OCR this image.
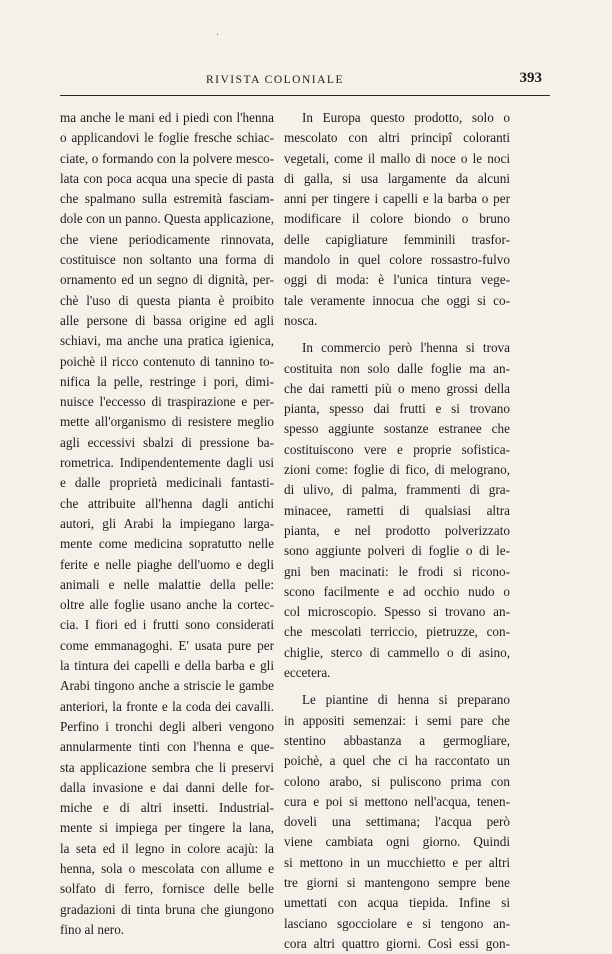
·
RIVISTA COLONIALE	393
ma anche le mani ed i piedi con l'henna
o applicandovi le foglie fresche schiac-
ciate, o formando con la polvere mesco-
lata con poca acqua una specie di pasta
che spalmano sulla estremità fasciam-
dole con un panno. Questa applicazione,
che viene periodicamente rinnovata,
costituisce non soltanto una forma di
ornamento ed un segno di dignità, per-
chè l'uso di questa pianta è proibito
alle persone di bassa origine ed agli
schiavi, ma anche una pratica igienica,
poichè il ricco contenuto di tannino to-
nifica la pelle, restringe i pori, dimi-
nuisce l'eccesso di traspirazione e per-
mette all'organismo di resistere meglio
agli eccessivi sbalzi di pressione ba-
rometrica. Indipendentemente dagli usi
e dalle proprietà medicinali fantasti-
che attribuite all'henna dagli antichi
autori, gli Arabi la impiegano larga-
mente come medicina sopratutto nelle
ferite e nelle piaghe dell'uomo e degli
animali e nelle malattie della pelle:
oltre alle foglie usano anche la cortec-
cia. I fiori ed i frutti sono considerati
come emmanagoghi. E' usata pure per
la tintura dei capelli e della barba e gli
Arabi tingono anche a striscie le gambe
anteriori, la fronte e la coda dei cavalli.
Perfino i tronchi degli alberi vengono
annularmente tinti con l'henna e que-
sta applicazione sembra che li preservi
dalla invasione e dai danni delle for-
miche e di altri insetti. Industrial-
mente si impiega per tingere la lana,
la seta ed il legno in colore acajù: la
henna, sola o mescolata con allume e
solfato di ferro, fornisce delle belle
gradazioni di tinta bruna che giungono
fino al nero.
In Europa questo prodotto, solo o
mescolato con altri principî coloranti
vegetali, come il mallo di noce o le noci
di galla, si usa largamente da alcuni
anni per tingere i capelli e la barba o per
modificare il colore biondo o bruno
delle capigliature femminili trasfor-
mandolo in quel colore rossastro-fulvo
oggi di moda: è l'unica tintura vege-
tale veramente innocua che oggi si co-
nosca.
In commercio però l'henna si trova
costituita non solo dalle foglie ma an-
che dai rametti più o meno grossi della
pianta, spesso dai frutti e si trovano
spesso aggiunte sostanze estranee che
costituiscono vere e proprie sofistica-
zioni come: foglie di fico, di melograno,
di ulivo, di palma, frammenti di gra-
minacee, rametti di qualsiasi altra
pianta, e nel prodotto polverizzato
sono aggiunte polveri di foglie o di le-
gni ben macinati: le frodi si ricono-
scono facilmente e ad occhio nudo o
col microscopio. Spesso si trovano an-
che mescolati terriccio, pietruzze, con-
chiglie, sterco di cammello o di asino,
eccetera.
Le piantine di henna si preparano
in appositi semenzai: i semi pare che
stentino abbastanza a germogliare,
poichè, a quel che ci ha raccontato un
colono arabo, si puliscono prima con
cura e poi si mettono nell'acqua, tenen-
doveli una settimana; l'acqua però
viene cambiata ogni giorno. Quindi
si mettono in un mucchietto e per altri
tre giorni si mantengono sempre bene
umettati con acqua tiepida. Infine si
lasciano sgocciolare e si tengono an-
cora altri quattro giorni. Così essi gon-
